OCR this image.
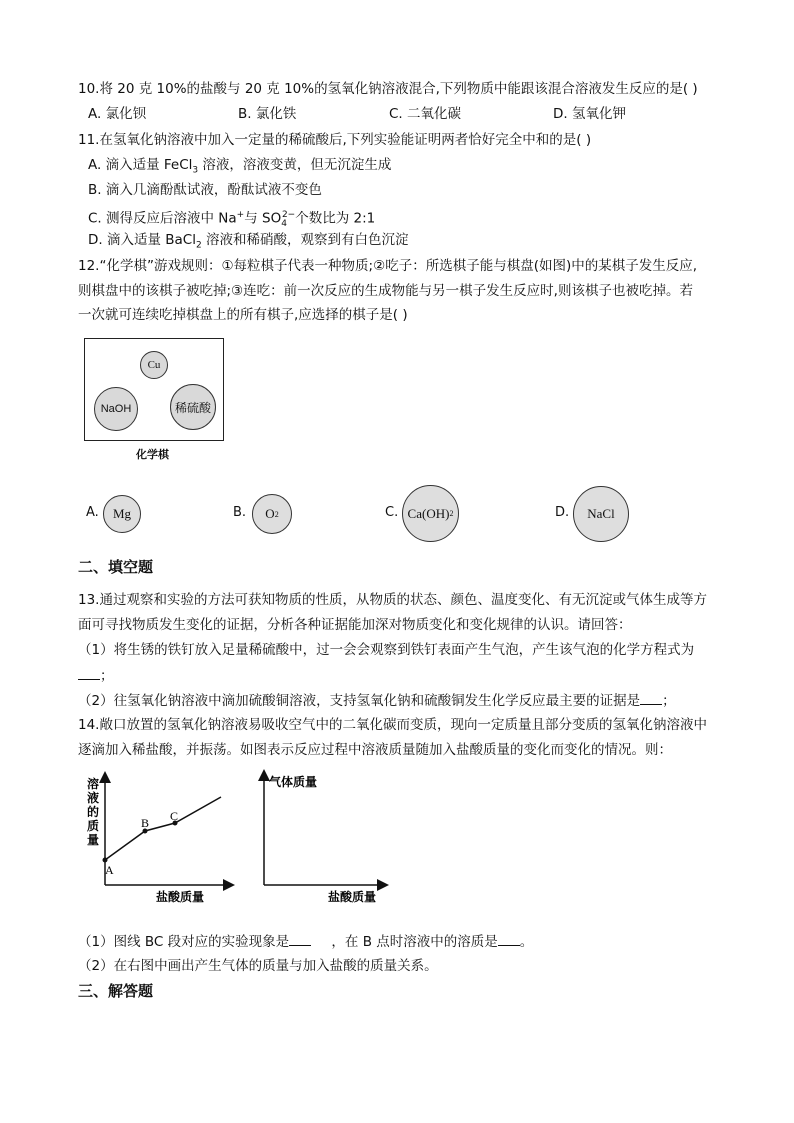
10.将 20 克 10%的盐酸与 20 克 10%的氢氧化钠溶液混合,下列物质中能跟该混合溶液发生反应的是( )
A. 氯化钡	B. 氯化铁	C. 二氧化碳	D. 氢氧化钾
11.在氢氧化钠溶液中加入一定量的稀硫酸后,下列实验能证明两者恰好完全中和的是( )
A. 滴入适量 FeCl$_3$ 溶液，溶液变黄，但无沉淀生成
B. 滴入几滴酚酞试液，酚酞试液不变色
C. 测得反应后溶液中 Na+与 $SO_4^{2-}$个数比为 2:1
D. 滴入适量 BaCl$_2$ 溶液和稀硝酸，观察到有白色沉淀
12.“化学棋”游戏规则：①每粒棋子代表一种物质;②吃子：所选棋子能与棋盘(如图)中的某棋子发生反应,
则棋盘中的该棋子被吃掉;③连吃：前一次反应的生成物能与另一棋子发生反应时,则该棋子也被吃掉。若
一次就可连续吃掉棋盘上的所有棋子,应选择的棋子是( )
Cu
NaOH	稀硫酸
化学棋
A.	Mg	B. O 2	C. Ca(OH) 2	D.	NaCl
二、填空题
13.通过观察和实验的方法可获知物质的性质，从物质的状态、颜色、温度变化、有无沉淀或气体生成等方
面可寻找物质发生变化的证据，分析各种证据能加深对物质变化和变化规律的认识。请回答：
（1）将生锈的铁钉放入足量稀硫酸中，过一会会观察到铁钉表面产生气泡，产生该气泡的化学方程式为
；
（2）往氢氧化钠溶液中滴加硫酸铜溶液，支持氢氧化钠和硫酸铜发生化学反应最主要的证据是 ；
14.敞口放置的氢氧化钠溶液易吸收空气中的二氧化碳而变质，现向一定质量且部分变质的氢氧化钠溶液中
逐滴加入稀盐酸，并振荡。如图表示反应过程中溶液质量随加入盐酸质量的变化而变化的情况。则：
A
B C
溶
液
的
质
量
盐酸质量
气体质量
盐酸质量
（1）图线 BC 段对应的实验现象是	，在 B 点时溶液中的溶质是 。
（2）在右图中画出产生气体的质量与加入盐酸的质量关系。
三、解答题
